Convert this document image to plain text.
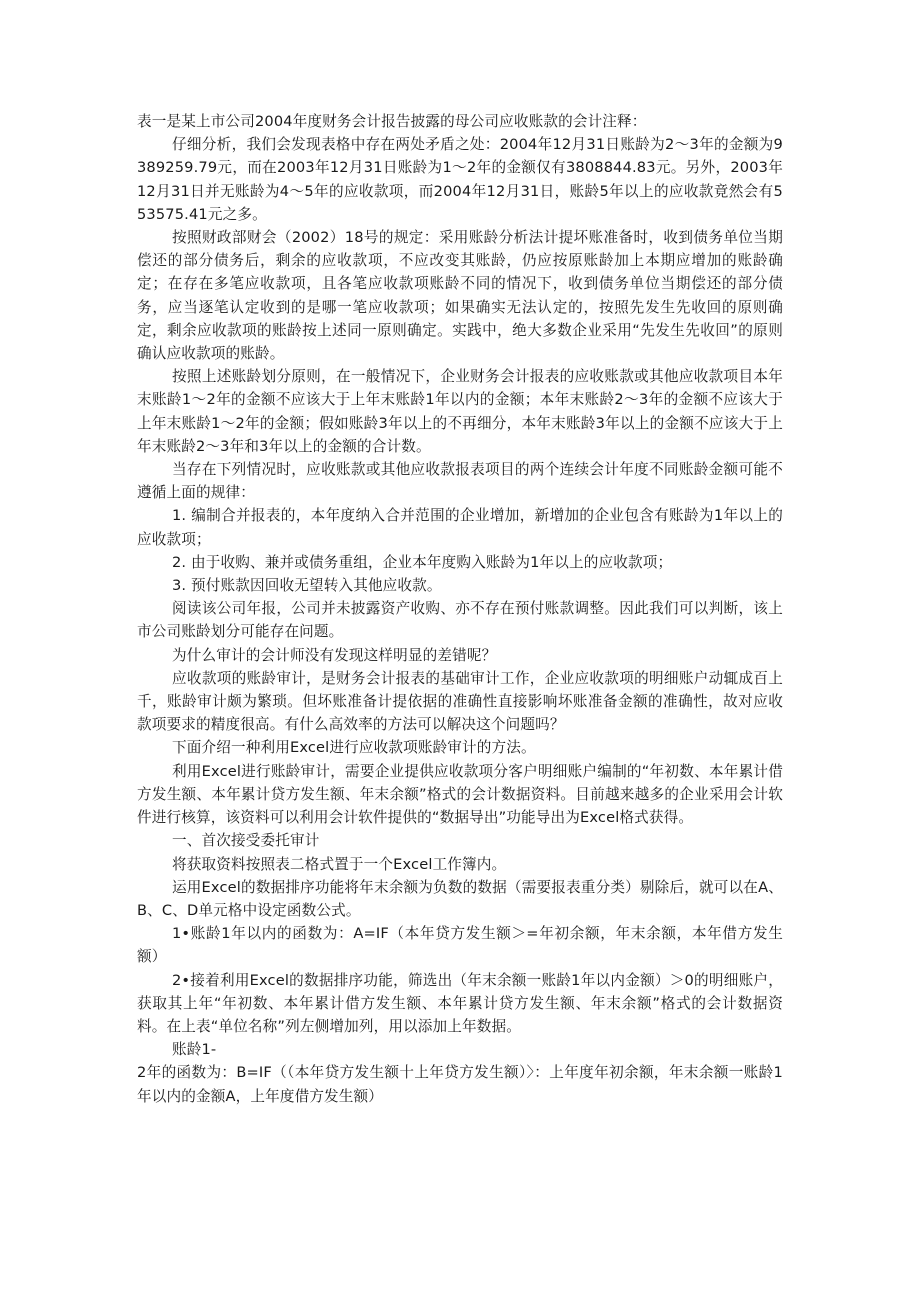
表一是某上市公司2004年度财务会计报告披露的母公司应收账款的会计注释：

仔细分析，我们会发现表格中存在两处矛盾之处：2004年12月31日账龄为2～3年的金额为9389259.79元，而在2003年12月31日账龄为1～2年的金额仅有3808844.83元。另外，2003年12月31日并无账龄为4～5年的应收款项，而2004年12月31日，账龄5年以上的应收款竟然会有553575.41元之多。

按照财政部财会（2002）18号的规定：采用账龄分析法计提坏账准备时，收到债务单位当期偿还的部分债务后，剩余的应收款项，不应改变其账龄，仍应按原账龄加上本期应增加的账龄确定；在存在多笔应收款项，且各笔应收款项账龄不同的情况下，收到债务单位当期偿还的部分债务，应当逐笔认定收到的是哪一笔应收款项；如果确实无法认定的，按照先发生先收回的原则确定，剩余应收款项的账龄按上述同一原则确定。实践中，绝大多数企业采用“先发生先收回”的原则确认应收款项的账龄。

按照上述账龄划分原则，在一般情况下，企业财务会计报表的应收账款或其他应收款项目本年末账龄1～2年的金额不应该大于上年末账龄1年以内的金额；本年末账龄2～3年的金额不应该大于上年末账龄1～2年的金额；假如账龄3年以上的不再细分，本年末账龄3年以上的金额不应该大于上年末账龄2～3年和3年以上的金额的合计数。

当存在下列情况时，应收账款或其他应收款报表项目的两个连续会计年度不同账龄金额可能不遵循上面的规律：

1. 编制合并报表的，本年度纳入合并范围的企业增加，新增加的企业包含有账龄为1年以上的应收款项；

2. 由于收购、兼并或债务重组，企业本年度购入账龄为1年以上的应收款项；

3. 预付账款因回收无望转入其他应收款。

阅读该公司年报，公司并未披露资产收购、亦不存在预付账款调整。因此我们可以判断，该上市公司账龄划分可能存在问题。

为什么审计的会计师没有发现这样明显的差错呢？

应收款项的账龄审计，是财务会计报表的基础审计工作，企业应收款项的明细账户动辄成百上千，账龄审计颇为繁琐。但坏账准备计提依据的准确性直接影响坏账准备金额的准确性，故对应收款项要求的精度很高。有什么高效率的方法可以解决这个问题吗？

下面介绍一种利用Excel进行应收款项账龄审计的方法。

利用Excel进行账龄审计，需要企业提供应收款项分客户明细账户编制的“年初数、本年累计借方发生额、本年累计贷方发生额、年末余额”格式的会计数据资料。目前越来越多的企业采用会计软件进行核算，该资料可以利用会计软件提供的“数据导出”功能导出为Excel格式获得。

一、首次接受委托审计

将获取资料按照表二格式置于一个Excel工作簿内。

运用Excel的数据排序功能将年末余额为负数的数据（需要报表重分类）剔除后，就可以在A、B、C、D单元格中设定函数公式。

1•账龄1年以内的函数为：A=IF（本年贷方发生额＞=年初余额，年末余额，本年借方发生额）

2•接着利用Excel的数据排序功能，筛选出（年末余额一账龄1年以内金额）＞0的明细账户，获取其上年“年初数、本年累计借方发生额、本年累计贷方发生额、年末余额”格式的会计数据资料。在上表“单位名称”列左侧增加列，用以添加上年数据。

账龄1-

2年的函数为：B=IF（（本年贷方发生额十上年贷方发生额）〉：上年度年初余额，年末余额一账龄1年以内的金额A，上年度借方发生额）
